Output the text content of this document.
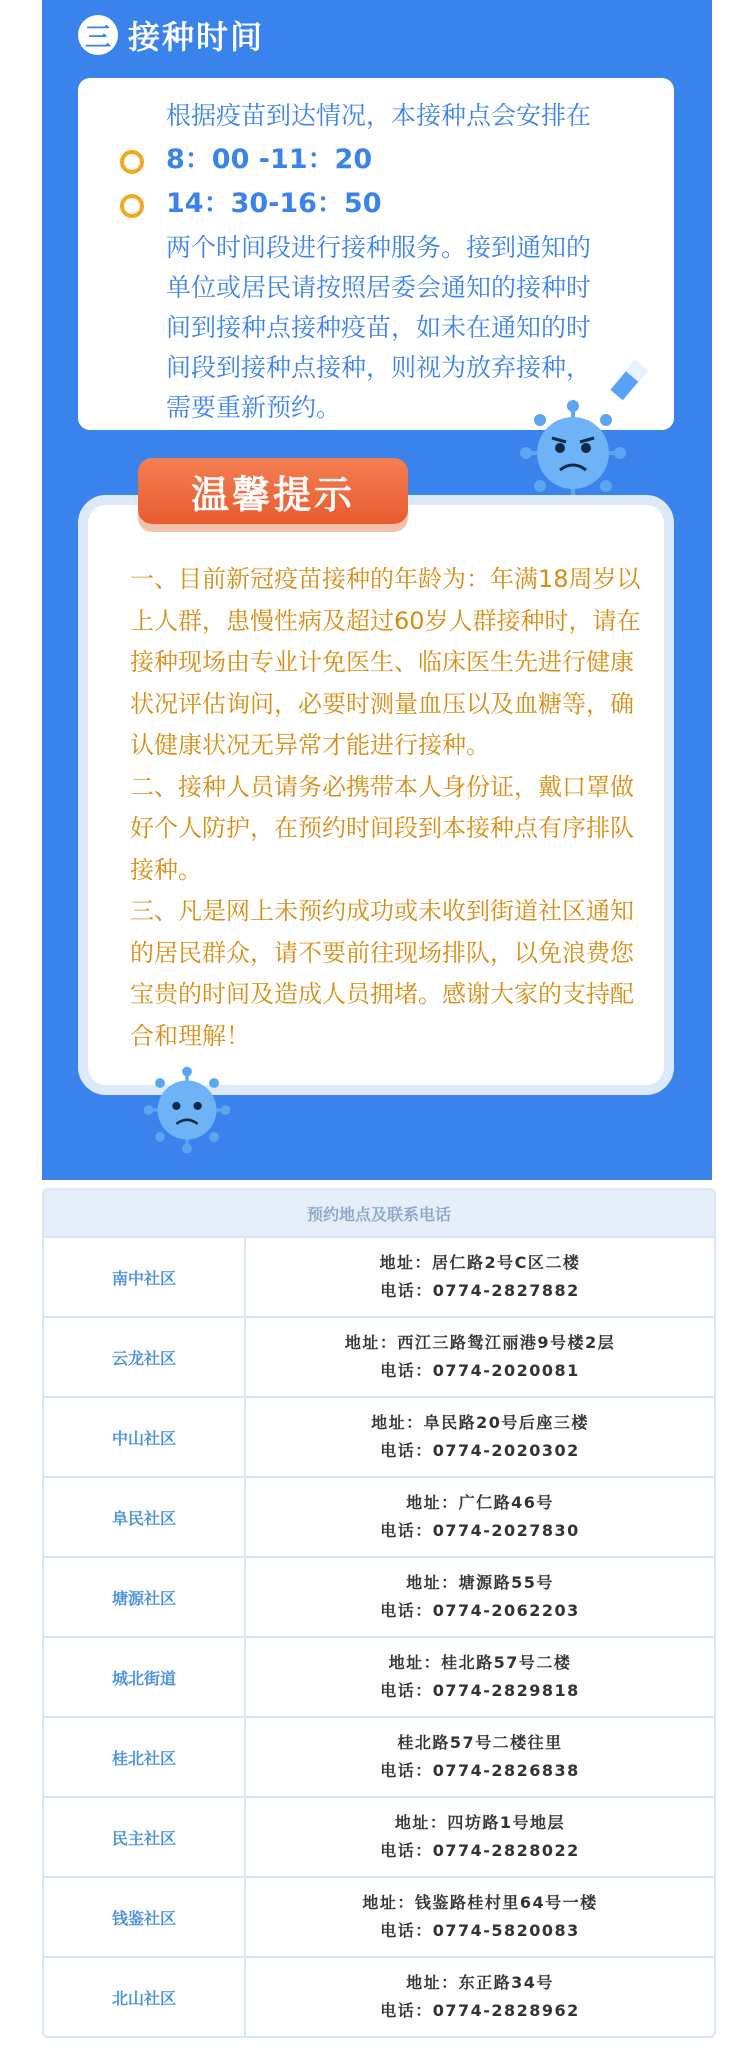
三 接种时间
根据疫苗到达情况，本接种点会安排在
8：00 -11：20
14：30-16：50
两个时间段进行接种服务。接到通知的
单位或居民请按照居委会通知的接种时
间到接种点接种疫苗，如未在通知的时
间段到接种点接种，则视为放弃接种，
需要重新预约。
温馨提示

一、目前新冠疫苗接种的年龄为：年满18周岁以上人群，患慢性病及超过60岁人群接种时，请在接种现场由专业计免医生、临床医生先进行健康状况评估询问，必要时测量血压以及血糖等，确认健康状况无异常才能进行接种。

二、接种人员请务必携带本人身份证，戴口罩做好个人防护，在预约时间段到本接种点有序排队接种。

三、凡是网上未预约成功或未收到街道社区通知的居民群众，请不要前往现场排队，以免浪费您宝贵的时间及造成人员拥堵。感谢大家的支持配合和理解！

预约地点及联系电话
南中社区
地址：居仁路2号C区二楼
电话：0774-2827882
云龙社区
地址：西江三路鸳江丽港9号楼2层
电话：0774-2020081
中山社区
地址：阜民路20号后座三楼
电话：0774-2020302
阜民社区
地址：广仁路46号
电话：0774-2027830
塘源社区
地址：塘源路55号
电话：0774-2062203
城北街道
地址：桂北路57号二楼
电话：0774-2829818
桂北社区
桂北路57号二楼往里
电话：0774-2826838
民主社区
地址：四坊路1号地层
电话：0774-2828022
钱鉴社区
地址：钱鉴路桂村里64号一楼
电话：0774-5820083
北山社区
地址：东正路34号
电话：0774-2828962
